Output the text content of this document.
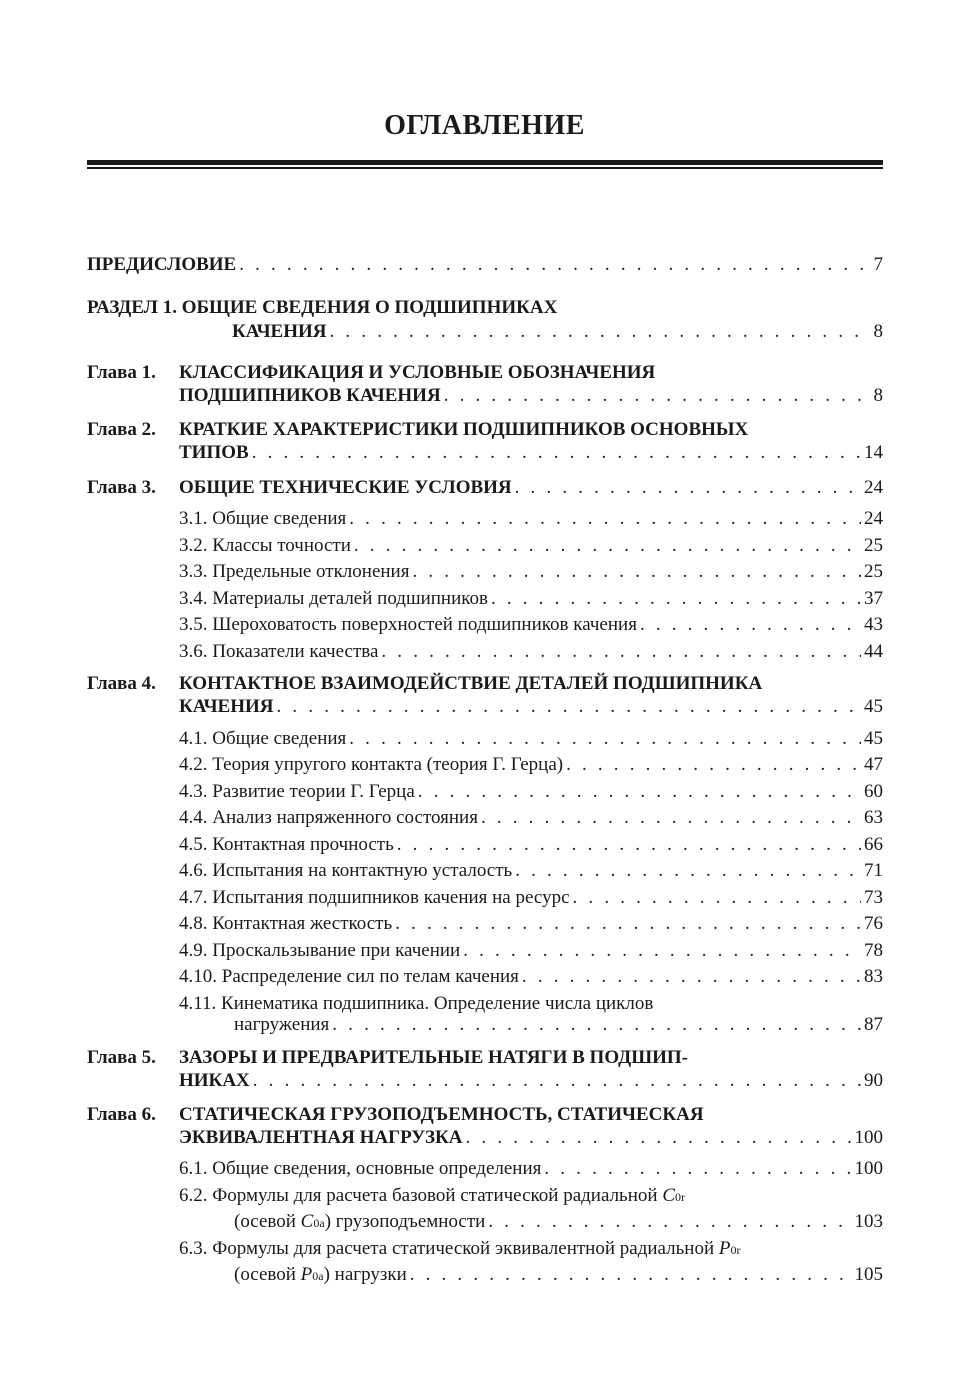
ОГЛАВЛЕНИЕ
ПРЕДИСЛОВИЕ . . .	7
РАЗДЕЛ 1. ОБЩИЕ СВЕДЕНИЯ О ПОДШИПНИКАХ
КАЧЕНИЯ . . .	8
Глава 1. КЛАССИФИКАЦИЯ И УСЛОВНЫЕ ОБОЗНАЧЕНИЯ
ПОДШИПНИКОВ КАЧЕНИЯ . . .	8
Глава 2. КРАТКИЕ ХАРАКТЕРИСТИКИ ПОДШИПНИКОВ ОСНОВНЫХ
ТИПОВ . . .	14
Глава 3. ОБЩИЕ ТЕХНИЧЕСКИЕ УСЛОВИЯ . . .	24
3.1. Общие сведения . . .	24
3.2. Классы точности . . .	25
3.3. Предельные отклонения . . .	25
3.4. Материалы деталей подшипников . . .	37
3.5. Шероховатость поверхностей подшипников качения . . .	43
3.6. Показатели качества . . .	44
Глава 4. КОНТАКТНОЕ ВЗАИМОДЕЙСТВИЕ ДЕТАЛЕЙ ПОДШИПНИКА
КАЧЕНИЯ . . .	45
4.1. Общие сведения . . .	45
4.2. Теория упругого контакта (теория Г. Герца) . . .	47
4.3. Развитие теории Г. Герца . . .	60
4.4. Анализ напряженного состояния . . .	63
4.5. Контактная прочность . . .	66
4.6. Испытания на контактную усталость . . .	71
4.7. Испытания подшипников качения на ресурс . . .	73
4.8. Контактная жесткость . . .	76
4.9. Проскальзывание при качении . . .	78
4.10. Распределение сил по телам качения . . .	83
4.11. Кинематика подшипника. Определение числа циклов
нагружения . . .	87
Глава 5. ЗАЗОРЫ И ПРЕДВАРИТЕЛЬНЫЕ НАТЯГИ В ПОДШИП-
НИКАХ . . .	90
Глава 6. СТАТИЧЕСКАЯ ГРУЗОПОДЪЕМНОСТЬ, СТАТИЧЕСКАЯ
ЭКВИВАЛЕНТНАЯ НАГРУЗКА . . .	100
6.1. Общие сведения, основные определения . . .	100
6.2. Формулы для расчета базовой статической радиальной
C 0r
(осевой
C 0a ) грузоподъемности . . .	103
6.3. Формулы для расчета статической эквивалентной радиальной
P 0r
(осевой
P 0a ) нагрузки . . .	105
